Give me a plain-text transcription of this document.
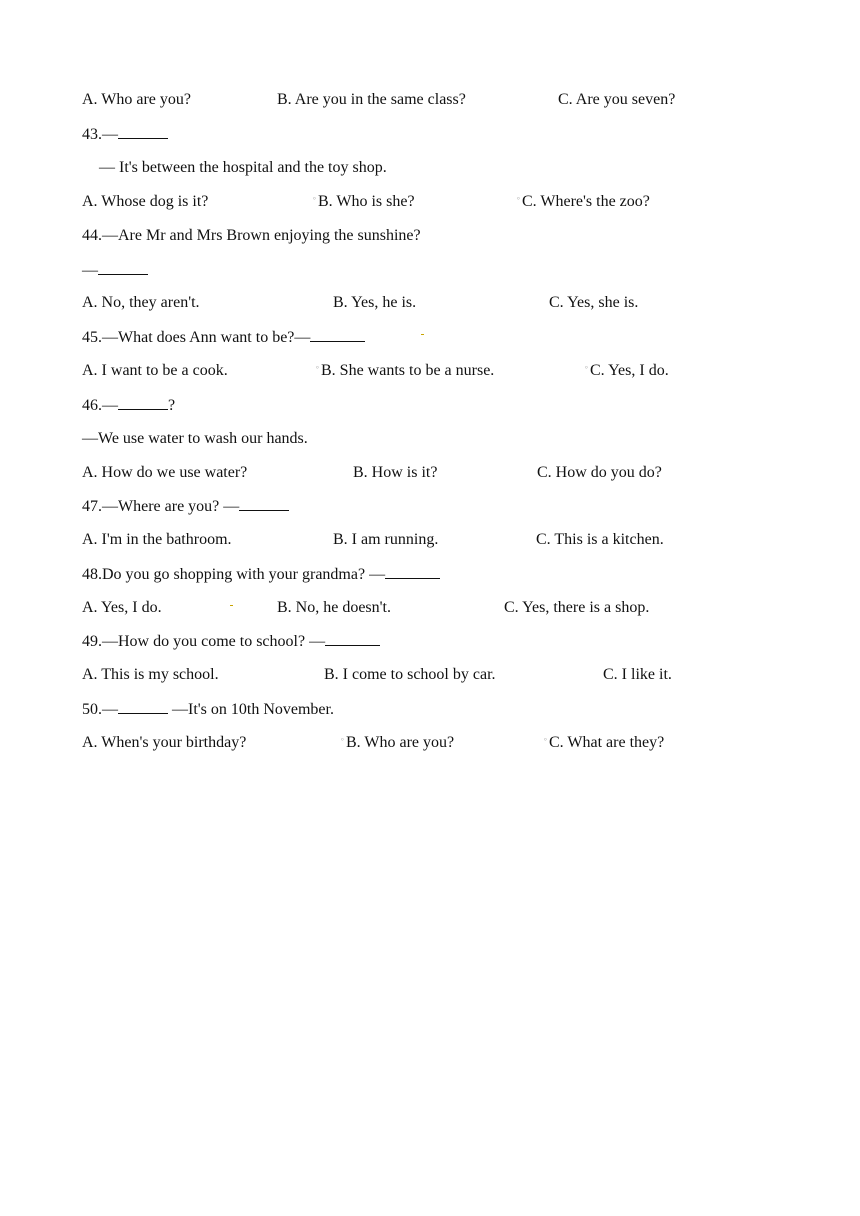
A. Who are you?	B. Are you in the same class?	C. Are you seven?
43.—
— It's between the hospital and the toy shop.
A. Whose dog is it?	° B. Who is she?	° C. Where's the zoo?
44.—Are Mr and Mrs Brown enjoying the sunshine?
—
A. No, they aren't.	B. Yes, he is.	C. Yes, she is.
45.—What does Ann want to be?—
A. I want to be a cook.	° B. She wants to be a nurse.	° C. Yes, I do.
46.—	?
—We use water to wash our hands.
A. How do we use water?	B. How is it?	C. How do you do?
47.—Where are you? —
A. I'm in the bathroom.	B. I am running.	C. This is a kitchen.
48.Do you go shopping with your grandma? —
A. Yes, I do.	B. No, he doesn't.	C. Yes, there is a shop.
49.—How do you come to school? —
A. This is my school.	B. I come to school by car.	C. I like it.
50.—	—It's on 10th November.
A. When's your birthday?	° B. Who are you?	° C. What are they?
